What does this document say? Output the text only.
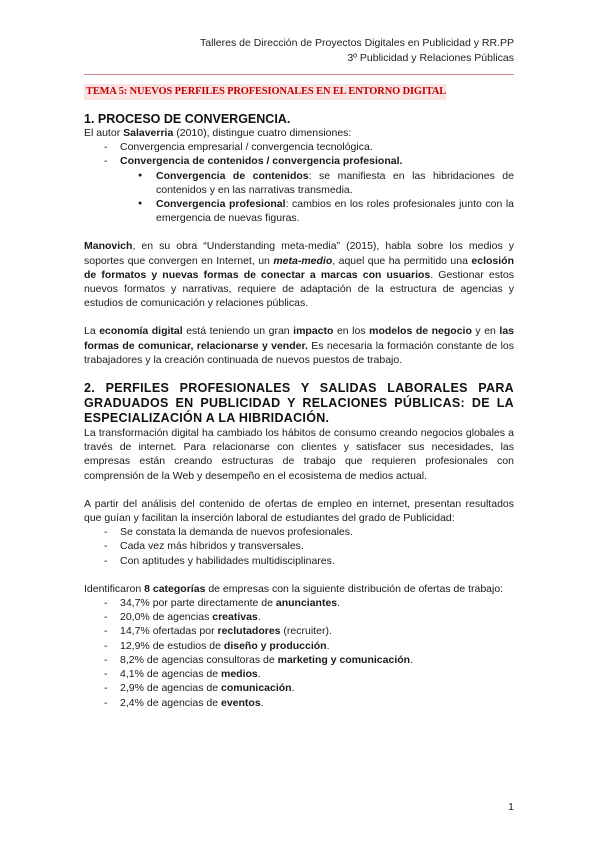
Talleres de Dirección de Proyectos Digitales en Publicidad y RR.PP
3º Publicidad y Relaciones Públicas
TEMA 5: NUEVOS PERFILES PROFESIONALES EN EL ENTORNO DIGITAL
1. PROCESO DE CONVERGENCIA.

El autor Salaverria (2010), distingue cuatro dimensiones:

- Convergencia empresarial / convergencia tecnológica.
- Convergencia de contenidos / convergencia profesional.
● Convergencia de contenidos: se manifiesta en las hibridaciones de contenidos y en las narrativas transmedia.
● Convergencia profesional: cambios en los roles profesionales junto con la emergencia de nuevas figuras.

Manovich, en su obra “Understanding meta-media” (2015), habla sobre los medios y soportes que convergen en Internet, un meta-medio, aquel que ha permitido una eclosión de formatos y nuevas formas de conectar a marcas con usuarios. Gestionar estos nuevos formatos y narrativas, requiere de adaptación de la estructura de agencias y estudios de comunicación y relaciones públicas.

La economía digital está teniendo un gran impacto en los modelos de negocio y en las formas de comunicar, relacionarse y vender. Es necesaria la formación constante de los trabajadores y la creación continuada de nuevos puestos de trabajo.

2. PERFILES PROFESIONALES Y SALIDAS LABORALES PARA GRADUADOS EN PUBLICIDAD Y RELACIONES PÚBLICAS: DE LA ESPECIALIZACIÓN A LA HIBRIDACIÓN.

La transformación digital ha cambiado los hábitos de consumo creando negocios globales a través de internet. Para relacionarse con clientes y satisfacer sus necesidades, las empresas están creando estructuras de trabajo que requieren profesionales con comprensión de la Web y desempeño en el ecosistema de medios actual.

A partir del análisis del contenido de ofertas de empleo en internet, presentan resultados que guían y facilitan la inserción laboral de estudiantes del grado de Publicidad:

- Se constata la demanda de nuevos profesionales.
- Cada vez más híbridos y transversales.
- Con aptitudes y habilidades multidisciplinares.

Identificaron 8 categorías de empresas con la siguiente distribución de ofertas de trabajo:

- 34,7% por parte directamente de anunciantes.
- 20,0% de agencias creativas.
- 14,7% ofertadas por reclutadores (recruiter).
- 12,9% de estudios de diseño y producción.
- 8,2% de agencias consultoras de marketing y comunicación.
- 4,1% de agencias de medios.
- 2,9% de agencias de comunicación.
- 2,4% de agencias de eventos.
1
